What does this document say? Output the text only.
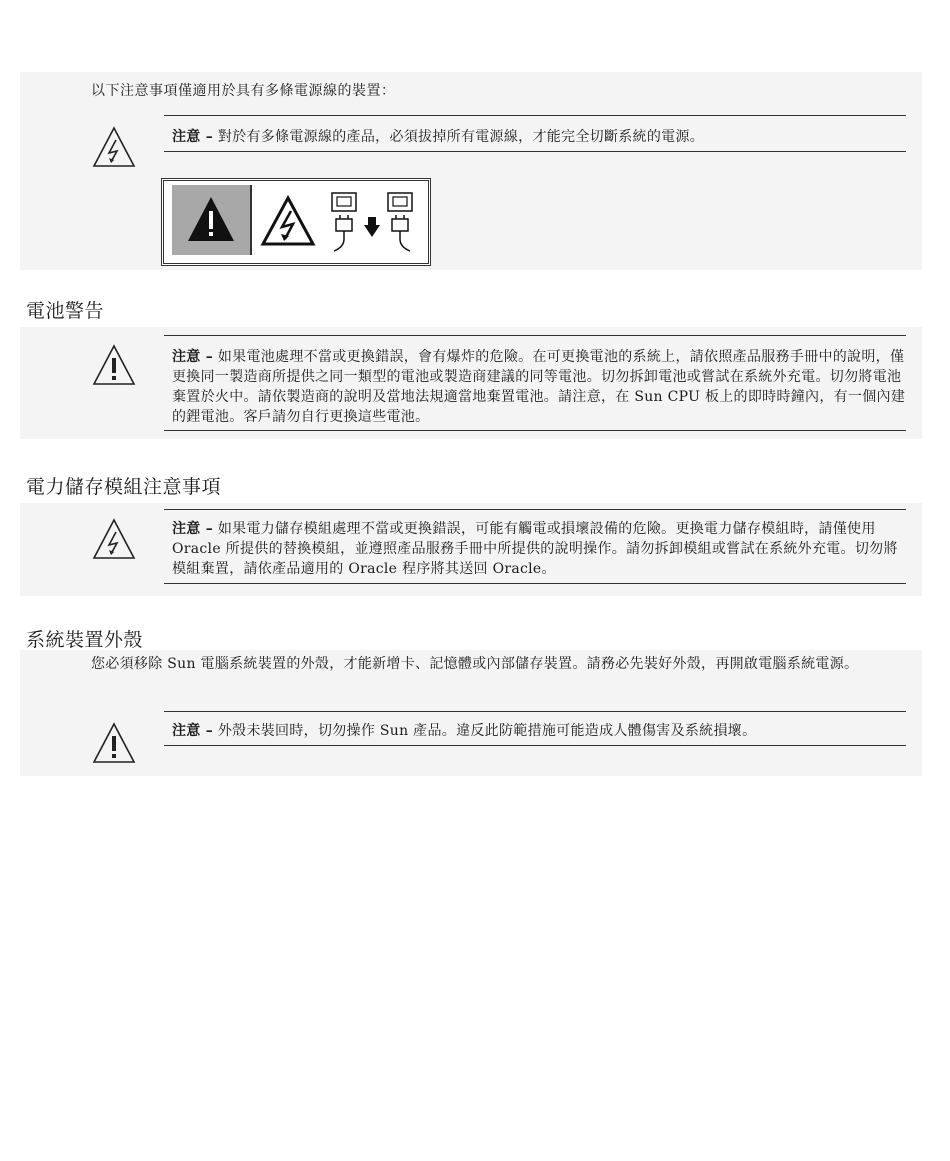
以下注意事項僅適用於具有多條電源線的裝置：
注意 – 對於有多條電源線的產品，必須拔掉所有電源線，才能完全切斷系統的電源。
電池警告
注意 – 如果電池處理不當或更換錯誤，會有爆炸的危險。在可更換電池的系統上，請依照產品服務手冊中的說明，僅更換同一製造商所提供之同一類型的電池或製造商建議的同等電池。切勿拆卸電池或嘗試在系統外充電。切勿將電池棄置於火中。請依製造商的說明及當地法規適當地棄置電池。請注意，在 Sun CPU 板上的即時時鐘內，有一個內建的鋰電池。客戶請勿自行更換這些電池。
電力儲存模組注意事項
注意 – 如果電力儲存模組處理不當或更換錯誤，可能有觸電或損壞設備的危險。更換電力儲存模組時，請僅使用 Oracle 所提供的替換模組，並遵照產品服務手冊中所提供的說明操作。請勿拆卸模組或嘗試在系統外充電。切勿將模組棄置，請依產品適用的 Oracle 程序將其送回 Oracle。
系統裝置外殼
您必須移除 Sun 電腦系統裝置的外殼，才能新增卡、記憶體或內部儲存裝置。請務必先裝好外殼，再開啟電腦系統電源。
注意 – 外殼未裝回時，切勿操作 Sun 產品。違反此防範措施可能造成人體傷害及系統損壞。
